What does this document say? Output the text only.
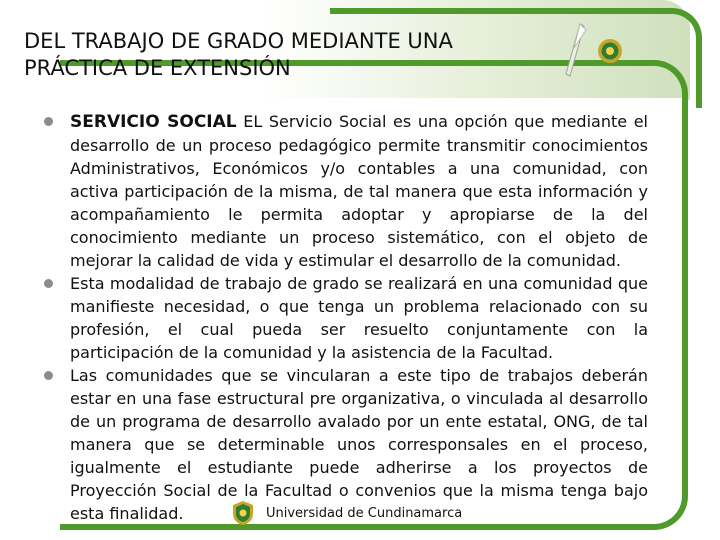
DEL TRABAJO DE GRADO MEDIANTE UNA
PRÁCTICA DE EXTENSIÓN
SERVICIO SOCIAL EL Servicio Social es una opción que mediante el desarrollo de un proceso pedagógico permite transmitir conocimientos Administrativos, Económicos y/o contables a una comunidad, con activa participación de la misma, de tal manera que esta información y acompañamiento le permita adoptar y apropiarse de la del conocimiento mediante un proceso sistemático, con el objeto de mejorar la calidad de vida y estimular el desarrollo de la comunidad.
Esta modalidad de trabajo de grado se realizará en una comunidad que manifieste necesidad, o que tenga un problema relacionado con su profesión, el cual pueda ser resuelto conjuntamente con la participación de la comunidad y la asistencia de la Facultad.
Las comunidades que se vincularan a este tipo de trabajos deberán estar en una fase estructural pre organizativa, o vinculada al desarrollo de un programa de desarrollo avalado por un ente estatal, ONG, de tal manera que se determinable unos corresponsales en el proceso, igualmente el estudiante puede adherirse a los proyectos de Proyección Social de la Facultad o convenios que la misma tenga bajo esta finalidad.	Universidad de Cundinamarca
